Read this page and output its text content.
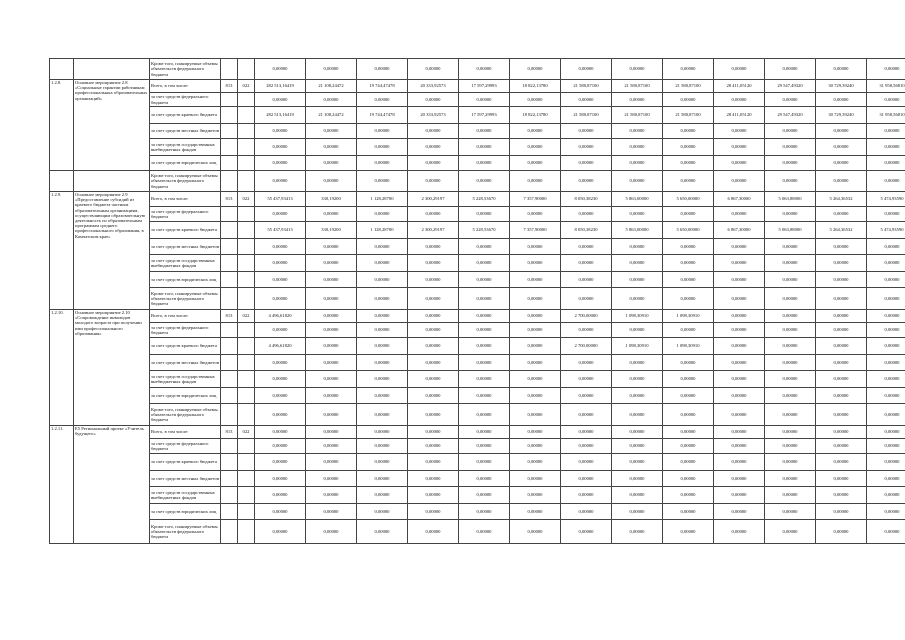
		Кроме того, планируемые объемы обязательств федерального бюджета			0,00000	0,00000	0,00000	0,00000	0,00000	0,00000	0,00000	0,00000	0,00000	0,00000	0,00000	0,00000	0,00000
1.2.8.	Основное мероприятие 2.8 «Социальные гарантии работникам профессиональных образовательных организаций»	Всего, в том числе:	813	022	282 513,16419	21 108,24472	19 744,47478	20 333,92573	17 597,29993	18 822,13780	21 580,87100	21 580,87100	21 580,87100	28 411,05120	29 547,49320	30 729,39240	31 958,56810
		за счет средств федерального бюджета			0,00000	0,00000	0,00000	0,00000	0,00000	0,00000	0,00000	0,00000	0,00000	0,00000	0,00000	0,00000	0,00000
		за счет средств краевого бюджета			282 513,16419	21 108,24472	19 744,47478	20 333,92573	17 597,29993	18 822,13780	21 580,87100	21 580,87100	21 580,87100	28 411,05120	29 547,49320	30 729,39240	31 958,56810
		за счет средств местных бюджетов			0,00000	0,00000	0,00000	0,00000	0,00000	0,00000	0,00000	0,00000	0,00000	0,00000	0,00000	0,00000	0,00000
		за счет средств государственных внебюджетных фондов			0,00000	0,00000	0,00000	0,00000	0,00000	0,00000	0,00000	0,00000	0,00000	0,00000	0,00000	0,00000	0,00000
		за счет средств юридических лиц			0,00000	0,00000	0,00000	0,00000	0,00000	0,00000	0,00000	0,00000	0,00000	0,00000	0,00000	0,00000	0,00000
		Кроме того, планируемые объемы обязательств федерального бюджета			0,00000	0,00000	0,00000	0,00000	0,00000	0,00000	0,00000	0,00000	0,00000	0,00000	0,00000	0,00000	0,00000
1.2.9.	Основное мероприятие 2.9 «Предоставление субсидий из краевого бюджета частным образовательным организациям, осуществляющим образовательную деятельность по образовательным программам среднего профессионального образования, в Камчатском крае»	Всего, в том числе:	813	022	55 437,93413	330,19200	1 128,28700	2 300,29197	5 228,53670	7 357,90000	8 050,38230	5 863,00000	5 650,00000	6 867,30000	5 063,88000	5 264,36532	5 474,93590
		за счет средств федерального бюджета			0,00000	0,00000	0,00000	0,00000	0,00000	0,00000	0,00000	0,00000	0,00000	0,00000	0,00000	0,00000	0,00000
		за счет средств краевого бюджета			55 437,93413	330,19200	1 128,28700	2 300,29197	5 228,53670	7 357,90000	8 050,38230	5 863,00000	5 650,00000	6 867,30000	5 063,88000	5 264,36532	5 474,93590
		за счет средств местных бюджетов			0,00000	0,00000	0,00000	0,00000	0,00000	0,00000	0,00000	0,00000	0,00000	0,00000	0,00000	0,00000	0,00000
		за счет средств государственных внебюджетных фондов			0,00000	0,00000	0,00000	0,00000	0,00000	0,00000	0,00000	0,00000	0,00000	0,00000	0,00000	0,00000	0,00000
		за счет средств юридических лиц			0,00000	0,00000	0,00000	0,00000	0,00000	0,00000	0,00000	0,00000	0,00000	0,00000	0,00000	0,00000	0,00000
		Кроме того, планируемые объемы обязательств федерального бюджета			0,00000	0,00000	0,00000	0,00000	0,00000	0,00000	0,00000	0,00000	0,00000	0,00000	0,00000	0,00000	0,00000
1.2.10.	Основное мероприятие 2.10 «Сопровождение инвалидов молодого возраста при получении ими профессионального образования»	Всего, в том числе:	813	022	4 496,61820	0,00000	0,00000	0,00000	0,00000	0,00000	2 700,00000	1 098,30910	1 098,30910	0,00000	0,00000	0,00000	0,00000
		за счет средств федерального бюджета			0,00000	0,00000	0,00000	0,00000	0,00000	0,00000	0,00000	0,00000	0,00000	0,00000	0,00000	0,00000	0,00000
		за счет средств краевого бюджета			4 496,61820	0,00000	0,00000	0,00000	0,00000	0,00000	2 700,00000	1 098,30910	1 098,30910	0,00000	0,00000	0,00000	0,00000
		за счет средств местных бюджетов			0,00000	0,00000	0,00000	0,00000	0,00000	0,00000	0,00000	0,00000	0,00000	0,00000	0,00000	0,00000	0,00000
		за счет средств государственных внебюджетных фондов			0,00000	0,00000	0,00000	0,00000	0,00000	0,00000	0,00000	0,00000	0,00000	0,00000	0,00000	0,00000	0,00000
		за счет средств юридических лиц			0,00000	0,00000	0,00000	0,00000	0,00000	0,00000	0,00000	0,00000	0,00000	0,00000	0,00000	0,00000	0,00000
		Кроме того, планируемые объемы обязательств федерального бюджета			0,00000	0,00000	0,00000	0,00000	0,00000	0,00000	0,00000	0,00000	0,00000	0,00000	0,00000	0,00000	0,00000
1.2.11.	E5 Региональный проект «Учитель будущего»	Всего, в том числе:	813	022	0,00000	0,00000	0,00000	0,00000	0,00000	0,00000	0,00000	0,00000	0,00000	0,00000	0,00000	0,00000	0,00000
		за счет средств федерального бюджета			0,00000	0,00000	0,00000	0,00000	0,00000	0,00000	0,00000	0,00000	0,00000	0,00000	0,00000	0,00000	0,00000
		за счет средств краевого бюджета			0,00000	0,00000	0,00000	0,00000	0,00000	0,00000	0,00000	0,00000	0,00000	0,00000	0,00000	0,00000	0,00000
		за счет средств местных бюджетов			0,00000	0,00000	0,00000	0,00000	0,00000	0,00000	0,00000	0,00000	0,00000	0,00000	0,00000	0,00000	0,00000
		за счет средств государственных внебюджетных фондов			0,00000	0,00000	0,00000	0,00000	0,00000	0,00000	0,00000	0,00000	0,00000	0,00000	0,00000	0,00000	0,00000
		за счет средств юридических лиц			0,00000	0,00000	0,00000	0,00000	0,00000	0,00000	0,00000	0,00000	0,00000	0,00000	0,00000	0,00000	0,00000
		Кроме того, планируемые объемы обязательств федерального бюджета			0,00000	0,00000	0,00000	0,00000	0,00000	0,00000	0,00000	0,00000	0,00000	0,00000	0,00000	0,00000	0,00000
